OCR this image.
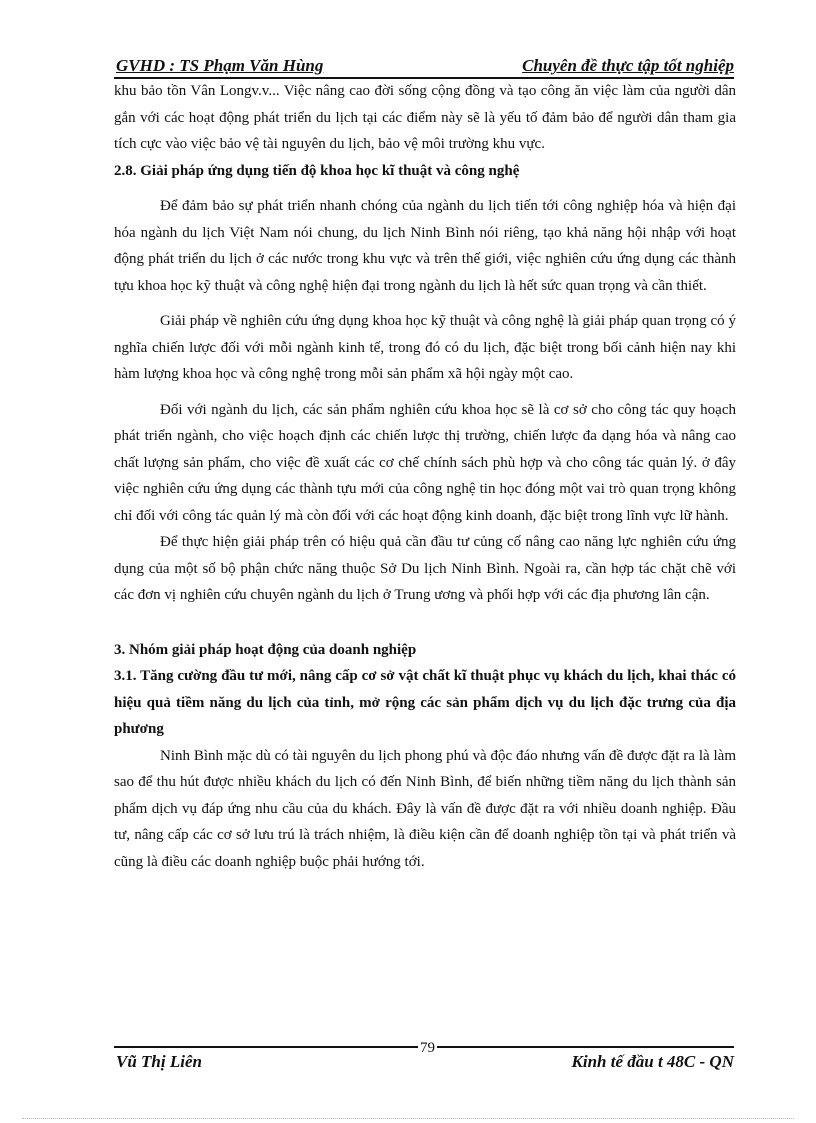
GVHD : TS Phạm Văn Hùng	Chuyên đề thực tập tốt nghiệp

khu bảo tồn Vân Longv.v... Việc nâng cao đời sống cộng đồng và tạo công ăn việc làm của người dân gắn với các hoạt động phát triển du lịch tại các điểm này sẽ là yếu tố đảm bảo để người dân tham gia tích cực vào việc bảo vệ tài nguyên du lịch, bảo vệ môi trường khu vực.

2.8. Giải pháp ứng dụng tiến độ khoa học kĩ thuật và công nghệ

Để đảm bảo sự phát triển nhanh chóng của ngành du lịch tiến tới công nghiệp hóa và hiện đại hóa ngành du lịch Việt Nam nói chung, du lịch Ninh Bình nói riêng, tạo khả năng hội nhập với hoạt động phát triển du lịch ở các nước trong khu vực và trên thế giới, việc nghiên cứu ứng dụng các thành tựu khoa học kỹ thuật và công nghệ hiện đại trong ngành du lịch là hết sức quan trọng và cần thiết.

Giải pháp về nghiên cứu ứng dụng khoa học kỹ thuật và công nghệ là giải pháp quan trọng có ý nghĩa chiến lược đối với mỗi ngành kinh tế, trong đó có du lịch, đặc biệt trong bối cảnh hiện nay khi hàm lượng khoa học và công nghệ trong mỗi sản phẩm xã hội ngày một cao.

Đối với ngành du lịch, các sản phẩm nghiên cứu khoa học sẽ là cơ sở cho công tác quy hoạch phát triển ngành, cho việc hoạch định các chiến lược thị trường, chiến lược đa dạng hóa và nâng cao chất lượng sản phẩm, cho việc đề xuất các cơ chế chính sách phù hợp và cho công tác quản lý. ở đây việc nghiên cứu ứng dụng các thành tựu mới của công nghệ tin học đóng một vai trò quan trọng không chỉ đối với công tác quản lý mà còn đối với các hoạt động kinh doanh, đặc biệt trong lĩnh vực lữ hành.

Để thực hiện giải pháp trên có hiệu quả cần đầu tư củng cố nâng cao năng lực nghiên cứu ứng dụng của một số bộ phận chức năng thuộc Sở Du lịch Ninh Bình. Ngoài ra, cần hợp tác chặt chẽ với các đơn vị nghiên cứu chuyên ngành du lịch ở Trung ương và phối hợp với các địa phương lân cận.

3. Nhóm giải pháp hoạt động của doanh nghiệp
3.1. Tăng cường đầu tư mới, nâng cấp cơ sở vật chất kĩ thuật phục vụ khách du lịch, khai thác có hiệu quả tiềm năng du lịch của tỉnh, mở rộng các sản phẩm dịch vụ du lịch đặc trưng của địa phương

Ninh Bình mặc dù có tài nguyên du lịch phong phú và độc đáo nhưng vấn đề được đặt ra là làm sao để thu hút được nhiều khách du lịch có đến Ninh Bình, để biến những tiềm năng du lịch thành sản phẩm dịch vụ đáp ứng nhu cầu của du khách. Đây là vấn đề được đặt ra với nhiều doanh nghiệp. Đầu tư, nâng cấp các cơ sở lưu trú là trách nhiệm, là điều kiện cần để doanh nghiệp tồn tại và phát triển và cũng là điều các doanh nghiệp buộc phải hướng tới.

Vũ Thị Liên
79
Kinh tế đầu t 48C - QN
